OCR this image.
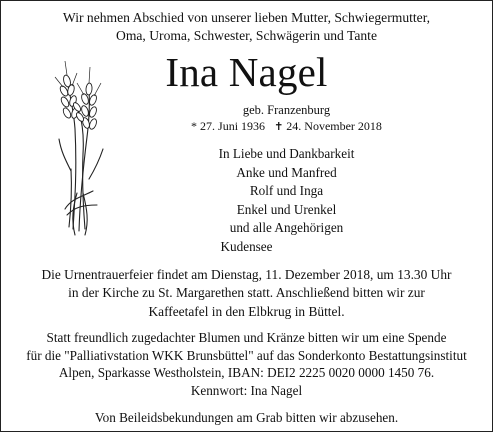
Wir nehmen Abschied von unserer lieben Mutter, Schwiegermutter,
Oma, Uroma, Schwester, Schwägerin und Tante
Ina Nagel
geb. Franzenburg
* 27. Juni 1936 ✝ 24. November 2018
In Liebe und Dankbarkeit
Anke und Manfred
Rolf und Inga
Enkel und Urenkel
und alle Angehörigen
Kudensee
Die Urnentrauerfeier findet am Dienstag, 11. Dezember 2018, um 13.30 Uhr
in der Kirche zu St. Margarethen statt. Anschließend bitten wir zur
Kaffeetafel in den Elbkrug in Büttel.
Statt freundlich zugedachter Blumen und Kränze bitten wir um eine Spende
für die "Palliativstation WKK Brunsbüttel" auf das Sonderkonto Bestattungsinstitut
Alpen, Sparkasse Westholstein, IBAN: DEI2 2225 0020 0000 1450 76.
Kennwort: Ina Nagel
Von Beileidsbekundungen am Grab bitten wir abzusehen.
